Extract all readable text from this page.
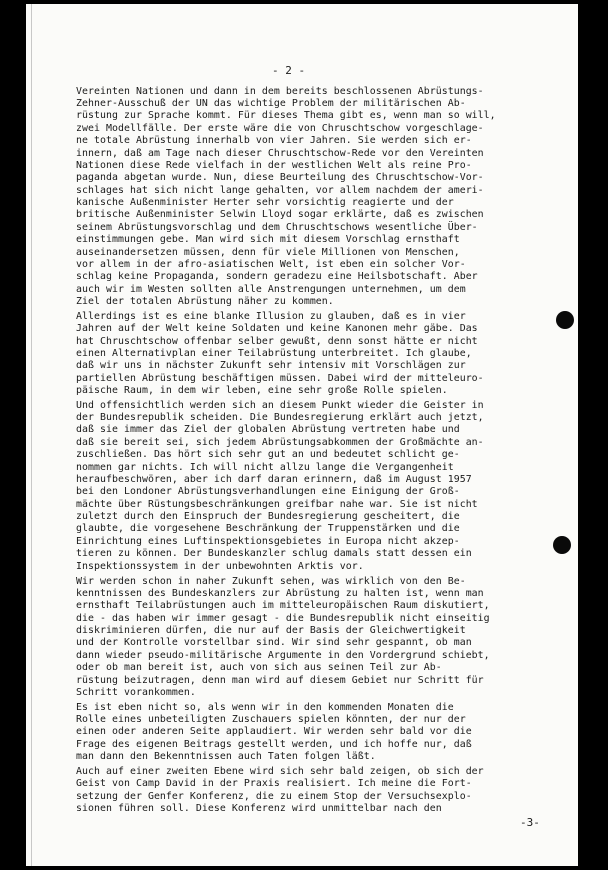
- 2 -

Vereinten Nationen und dann in dem bereits beschlossenen Abrüstungs-

Zehner-Ausschuß der UN das wichtige Problem der militärischen Ab-

rüstung zur Sprache kommt. Für dieses Thema gibt es, wenn man so will,

zwei Modellfälle. Der erste wäre die von Chruschtschow vorgeschlage-

ne totale Abrüstung innerhalb von vier Jahren. Sie werden sich er-

innern, daß am Tage nach dieser Chruschtschow-Rede vor den Vereinten

Nationen diese Rede vielfach in der westlichen Welt als reine Pro-

paganda abgetan wurde. Nun, diese Beurteilung des Chruschtschow-Vor-

schlages hat sich nicht lange gehalten, vor allem nachdem der ameri-

kanische Außenminister Herter sehr vorsichtig reagierte und der

britische Außenminister Selwin Lloyd sogar erklärte, daß es zwischen

seinem Abrüstungsvorschlag und dem Chruschtschows wesentliche Über-

einstimmungen gebe. Man wird sich mit diesem Vorschlag ernsthaft

auseinandersetzen müssen, denn für viele Millionen von Menschen,

vor allem in der afro-asiatischen Welt, ist eben ein solcher Vor-

schlag keine Propaganda, sondern geradezu eine Heilsbotschaft. Aber

auch wir im Westen sollten alle Anstrengungen unternehmen, um dem

Ziel der totalen Abrüstung näher zu kommen.

Allerdings ist es eine blanke Illusion zu glauben, daß es in vier

Jahren auf der Welt keine Soldaten und keine Kanonen mehr gäbe. Das

hat Chruschtschow offenbar selber gewußt, denn sonst hätte er nicht

einen Alternativplan einer Teilabrüstung unterbreitet. Ich glaube,

daß wir uns in nächster Zukunft sehr intensiv mit Vorschlägen zur

partiellen Abrüstung beschäftigen müssen. Dabei wird der mitteleuro-

päische Raum, in dem wir leben, eine sehr große Rolle spielen.

Und offensichtlich werden sich an diesem Punkt wieder die Geister in

der Bundesrepublik scheiden. Die Bundesregierung erklärt auch jetzt,

daß sie immer das Ziel der globalen Abrüstung vertreten habe und

daß sie bereit sei, sich jedem Abrüstungsabkommen der Großmächte an-

zuschließen. Das hört sich sehr gut an und bedeutet schlicht ge-

nommen gar nichts. Ich will nicht allzu lange die Vergangenheit

heraufbeschwören, aber ich darf daran erinnern, daß im August 1957

bei den Londoner Abrüstungsverhandlungen eine Einigung der Groß-

mächte über Rüstungsbeschränkungen greifbar nahe war. Sie ist nicht

zuletzt durch den Einspruch der Bundesregierung gescheitert, die

glaubte, die vorgesehene Beschränkung der Truppenstärken und die

Einrichtung eines Luftinspektionsgebietes in Europa nicht akzep-

tieren zu können. Der Bundeskanzler schlug damals statt dessen ein

Inspektionssystem in der unbewohnten Arktis vor.

Wir werden schon in naher Zukunft sehen, was wirklich von den Be-

kenntnissen des Bundeskanzlers zur Abrüstung zu halten ist, wenn man

ernsthaft Teilabrüstungen auch im mitteleuropäischen Raum diskutiert,

die - das haben wir immer gesagt - die Bundesrepublik nicht einseitig

diskriminieren dürfen, die nur auf der Basis der Gleichwertigkeit

und der Kontrolle vorstellbar sind. Wir sind sehr gespannt, ob man

dann wieder pseudo-militärische Argumente in den Vordergrund schiebt,

oder ob man bereit ist, auch von sich aus seinen Teil zur Ab-

rüstung beizutragen, denn man wird auf diesem Gebiet nur Schritt für

Schritt vorankommen.

Es ist eben nicht so, als wenn wir in den kommenden Monaten die

Rolle eines unbeteiligten Zuschauers spielen könnten, der nur der

einen oder anderen Seite applaudiert. Wir werden sehr bald vor die

Frage des eigenen Beitrags gestellt werden, und ich hoffe nur, daß

man dann den Bekenntnissen auch Taten folgen läßt.

Auch auf einer zweiten Ebene wird sich sehr bald zeigen, ob sich der

Geist von Camp David in der Praxis realisiert. Ich meine die Fort-

setzung der Genfer Konferenz, die zu einem Stop der Versuchsexplo-

sionen führen soll. Diese Konferenz wird unmittelbar nach den

-3-
